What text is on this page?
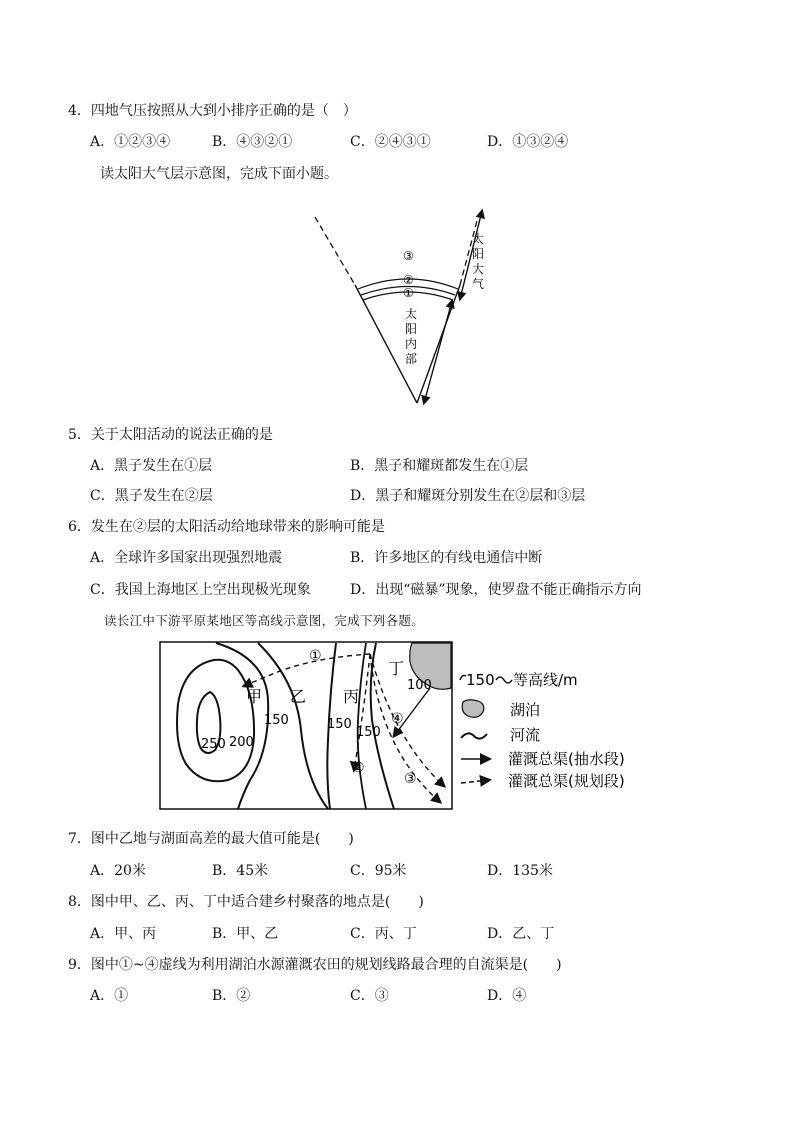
4．四地气压按照从大到小排序正确的是（　）
A．①②③④	B．④③②①	C．②④③①	D．①③②④
读太阳大气层示意图，完成下面小题。
③
②
①
太
阳
内
部
太
阳
大
气
5．关于太阳活动的说法正确的是
A．黑子发生在①层	B．黑子和耀斑都发生在①层
C．黑子发生在②层	D．黑子和耀斑分别发生在②层和③层
6．发生在②层的太阳活动给地球带来的影响可能是
A．全球许多国家出现强烈地震	B．许多地区的有线电通信中断
C．我国上海地区上空出现极光现象	D．出现“磁暴”现象，使罗盘不能正确指示方向
读长江中下游平原某地区等高线示意图，完成下列各题。
甲 乙 丙
丁
250 200
150	150
150
100
①
②
③
④
150 等高线/m
湖泊
河流
灌溉总渠(抽水段)
灌溉总渠(规划段)
7．图中乙地与湖面高差的最大值可能是(　　)
A．20米	B．45米	C．95米	D．135米
8．图中甲、乙、丙、丁中适合建乡村聚落的地点是(　　)
A．甲、丙	B．甲、乙	C．丙、丁	D．乙、丁
9．图中①~④虚线为利用湖泊水源灌溉农田的规划线路最合理的自流渠是(　　)
A．①	B．②	C．③	D．④
